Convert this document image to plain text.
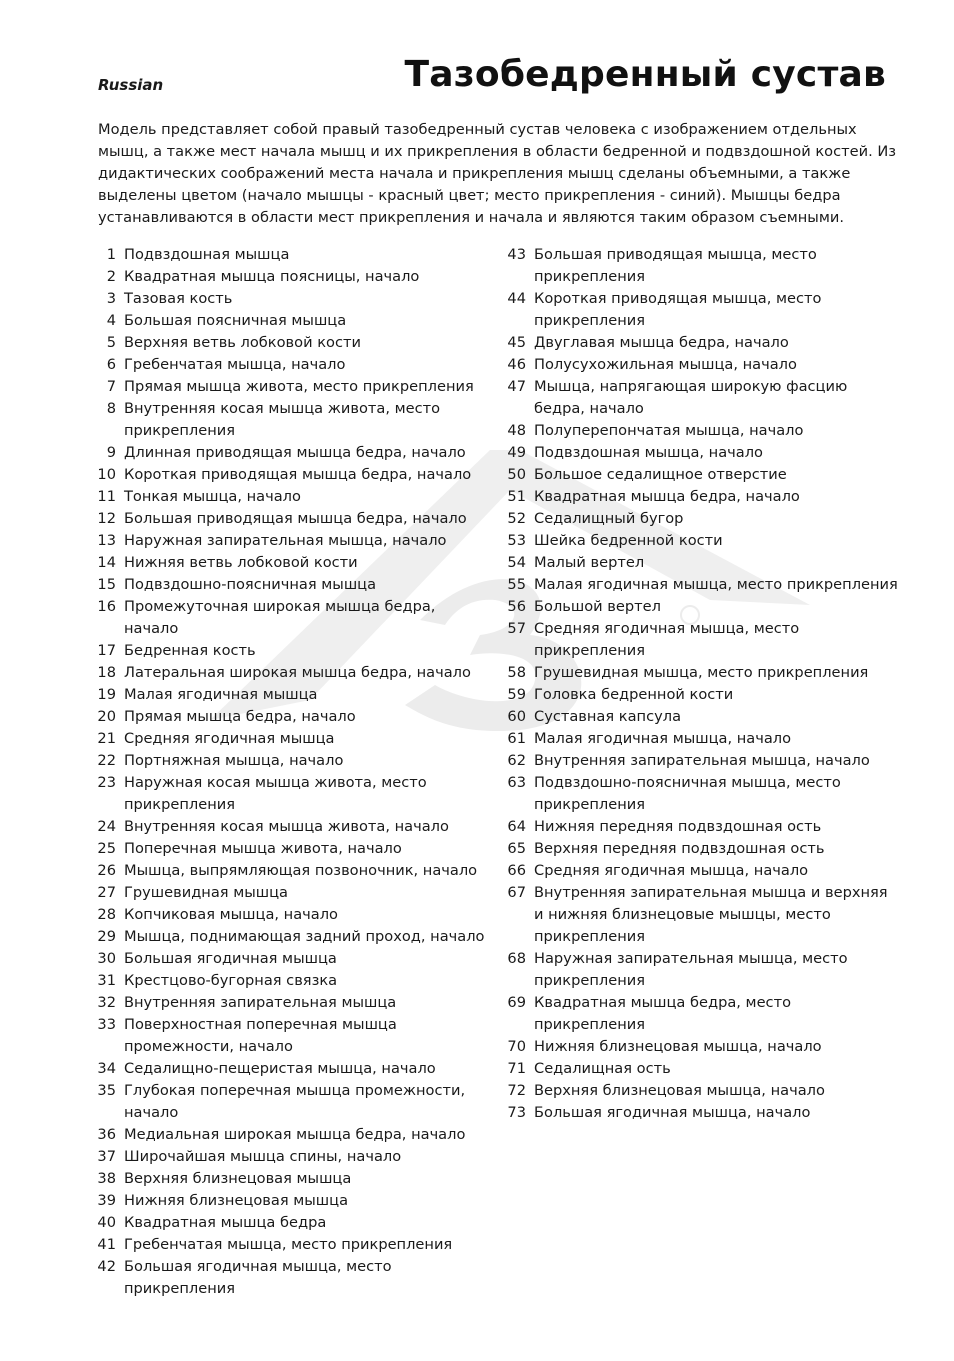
Russian	Тазобедренный сустав

Модель представляет собой правый тазобедренный сустав человека с изображением отдельных мышц, а также мест начала мышц и их прикрепления в области бедренной и подвздошной костей. Из дидактических соображений места начала и прикрепления мышц сделаны объемными, а также выделены цветом (начало мышцы - красный цвет; место прикрепления - синий). Мышцы бедра устанавливаются в области мест прикрепления и начала и являются таким образом съемными.

1 Подвздошная мышца
2 Квадратная мышца поясницы, начало
3 Тазовая кость
4 Большая поясничная мышца
5 Верхняя ветвь лобковой кости
6 Гребенчатая мышца, начало
7 Прямая мышца живота, место прикрепления
8 Внутренняя косая мышца живота, место прикрепления
9 Длинная приводящая мышца бедра, начало
10 Короткая приводящая мышца бедра, начало
11 Тонкая мышца, начало
12 Большая приводящая мышца бедра, начало
13 Наружная запирательная мышца, начало
14 Нижняя ветвь лобковой кости
15 Подвздошно-поясничная мышца
16 Промежуточная широкая мышца бедра, начало
17 Бедренная кость
18 Латеральная широкая мышца бедра, начало
19 Малая ягодичная мышца
20 Прямая мышца бедра, начало
21 Средняя ягодичная мышца
22 Портняжная мышца, начало
23 Наружная косая мышца живота, место прикрепления
24 Внутренняя косая мышца живота, начало
25 Поперечная мышца живота, начало
26 Мышца, выпрямляющая позвоночник, начало
27 Грушевидная мышца
28 Копчиковая мышца, начало
29 Мышца, поднимающая задний проход, начало
30 Большая ягодичная мышца
31 Крестцово-бугорная связка
32 Внутренняя запирательная мышца
33 Поверхностная поперечная мышца промежности, начало
34 Седалищно-пещеристая мышца, начало
35 Глубокая поперечная мышца промежности, начало
36 Медиальная широкая мышца бедра, начало
37 Широчайшая мышца спины, начало
38 Верхняя близнецовая мышца
39 Нижняя близнецовая мышца
40 Квадратная мышца бедра
41 Гребенчатая мышца, место прикрепления
42 Большая ягодичная мышца, место прикрепления
43 Большая приводящая мышца, место прикрепления
44 Короткая приводящая мышца, место прикрепления
45 Двуглавая мышца бедра, начало
46 Полусухожильная мышца, начало
47 Мышца, напрягающая широкую фасцию бедра, начало
48 Полуперепончатая мышца, начало
49 Подвздошная мышца, начало
50 Большое седалищное отверстие
51 Квадратная мышца бедра, начало
52 Седалищный бугор
53 Шейка бедренной кости
54 Малый вертел
55 Малая ягодичная мышца, место прикрепления
56 Большой вертел
57 Средняя ягодичная мышца, место прикрепления
58 Грушевидная мышца, место прикрепления
59 Головка бедренной кости
60 Суставная капсула
61 Малая ягодичная мышца, начало
62 Внутренняя запирательная мышца, начало
63 Подвздошно-поясничная мышца, место прикрепления
64 Нижняя передняя подвздошная ость
65 Верхняя передняя подвздошная ость
66 Средняя ягодичная мышца, начало
67 Внутренняя запирательная мышца и верхняя и нижняя близнецовые мышцы, место прикрепления
68 Наружная запирательная мышца, место прикрепления
69 Квадратная мышца бедра, место прикрепления
70 Нижняя близнецовая мышца, начало
71 Седалищная ость
72 Верхняя близнецовая мышца, начало
73 Большая ягодичная мышца, начало
